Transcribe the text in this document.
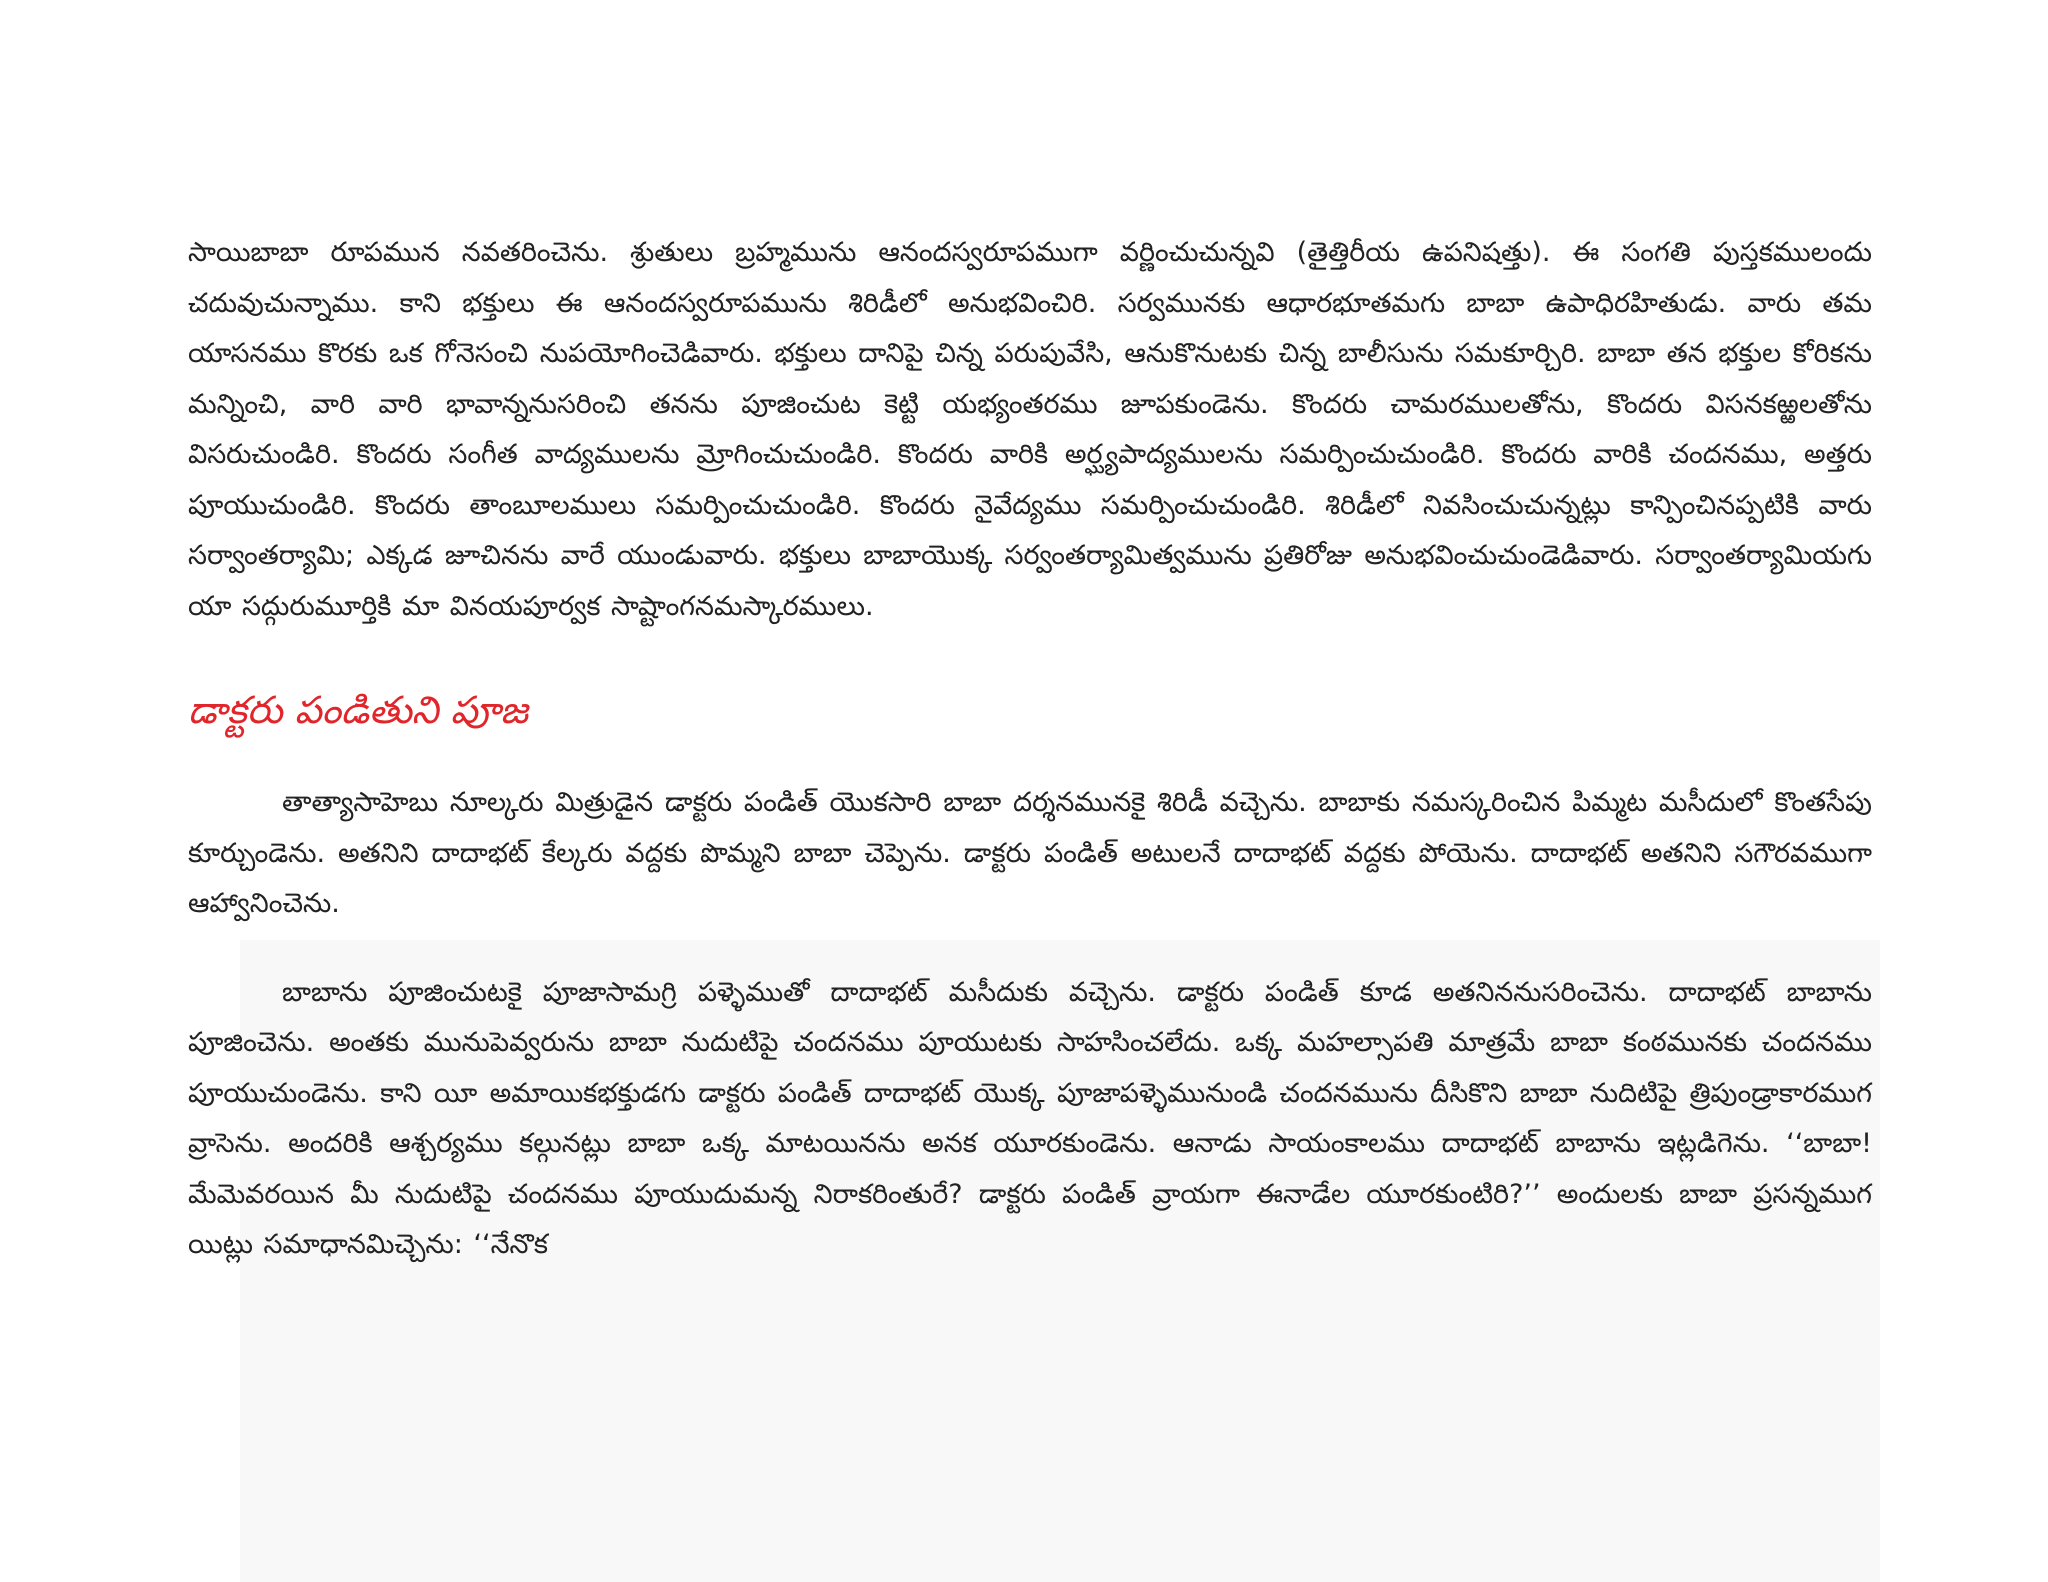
సాయిబాబా రూపమున నవతరించెను. శ్రుతులు బ్రహ్మమును ఆనందస్వరూపముగా వర్ణించుచున్నవి (తైత్తిరీయ ఉపనిషత్తు). ఈ సంగతి పుస్తకములందు చదువుచున్నాము. కాని భక్తులు ఈ ఆనందస్వరూపమును శిరిడీలో అనుభవించిరి. సర్వమునకు ఆధారభూతమగు బాబా ఉపాధిరహితుడు. వారు తమ యాసనము కొరకు ఒక గోనెసంచి నుపయోగించెడివారు. భక్తులు దానిపై చిన్న పరుపువేసి, ఆనుకొనుటకు చిన్న బాలీసును సమకూర్చిరి. బాబా తన భక్తుల కోరికను మన్నించి, వారి వారి భావాన్ననుసరించి తనను పూజించుట కెట్టి యభ్యంతరము జూపకుండెను. కొందరు చామరములతోను, కొందరు విసనకఱ్ఱలతోను విసరుచుండిరి. కొందరు సంగీత వాద్యములను మ్రోగించుచుండిరి. కొందరు వారికి అర్ఘ్యపాద్యములను సమర్పించుచుండిరి. కొందరు వారికి చందనము, అత్తరు పూయుచుండిరి. కొందరు తాంబూలములు సమర్పించుచుండిరి. కొందరు నైవేద్యము సమర్పించుచుండిరి. శిరిడీలో నివసించుచున్నట్లు కాన్పించినప్పటికి వారు సర్వాంతర్యామి; ఎక్కడ జూచినను వారే యుండువారు. భక్తులు బాబాయొక్క సర్వంతర్యామిత్వమును ప్రతిరోజు అనుభవించుచుండెడివారు. సర్వాంతర్యామియగు యా సద్గురుమూర్తికి మా వినయపూర్వక సాష్టాంగనమస్కారములు.

డాక్టరు పండితుని పూజ

తాత్యాసాహెబు నూల్కరు మిత్రుడైన డాక్టరు పండిత్ యొకసారి బాబా దర్శనమునకై శిరిడీ వచ్చెను. బాబాకు నమస్కరించిన పిమ్మట మసీదులో కొంతసేపు కూర్చుండెను. అతనిని దాదాభట్ కేల్కరు వద్దకు పొమ్మని బాబా చెప్పెను. డాక్టరు పండిత్ అటులనే దాదాభట్ వద్దకు పోయెను. దాదాభట్ అతనిని సగౌరవముగా ఆహ్వానించెను.

బాబాను పూజించుటకై పూజాసామగ్రి పళ్ళెముతో దాదాభట్ మసీదుకు వచ్చెను. డాక్టరు పండిత్ కూడ అతనిననుసరించెను. దాదాభట్ బాబాను పూజించెను. అంతకు మునుపెవ్వరును బాబా నుదుటిపై చందనము పూయుటకు సాహసించలేదు. ఒక్క మహల్సాపతి మాత్రమే బాబా కంఠమునకు చందనము పూయుచుండెను. కాని యీ అమాయికభక్తుడగు డాక్టరు పండిత్ దాదాభట్ యొక్క పూజాపళ్ళెమునుండి చందనమును దీసికొని బాబా నుదిటిపై త్రిపుండ్రాకారముగ వ్రాసెను. అందరికి ఆశ్చర్యము కల్గునట్లు బాబా ఒక్క మాటయినను అనక యూరకుండెను. ఆనాడు సాయంకాలము దాదాభట్ బాబాను ఇట్లడిగెను. ‘‘బాబా! మేమెవరయిన మీ నుదుటిపై చందనము పూయుదుమన్న నిరాకరింతురే? డాక్టరు పండిత్ వ్రాయగా ఈనాడేల యూరకుంటిరి?’’ అందులకు బాబా ప్రసన్నముగ యిట్లు సమాధానమిచ్చెను: ‘‘నేనొక
